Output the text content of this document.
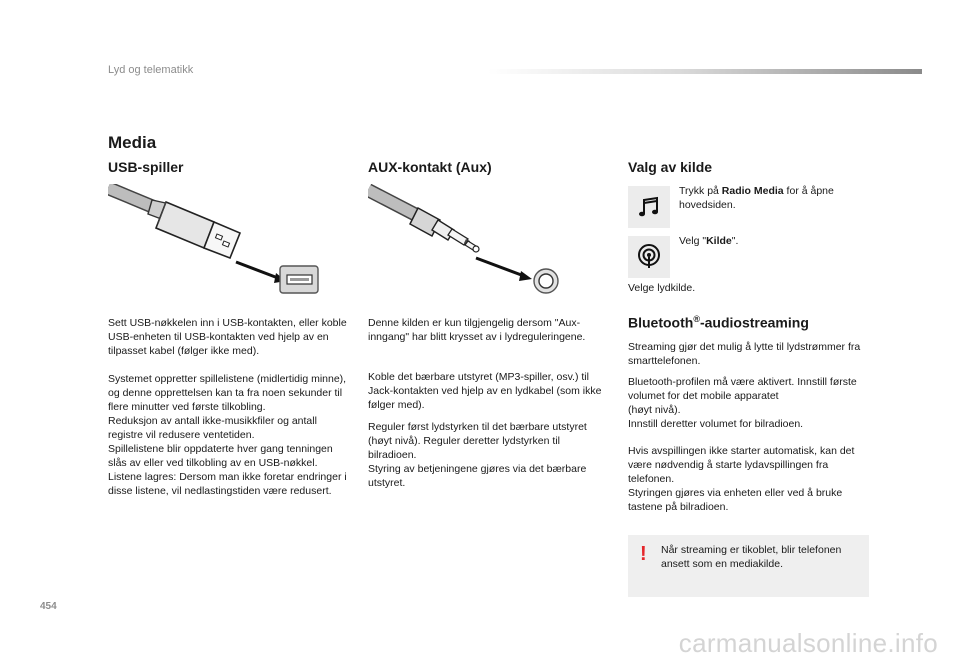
Lyd og telematikk
Media
USB-spiller
Sett USB-nøkkelen inn i USB-kontakten, eller koble USB-enheten til USB-kontakten ved hjelp av en tilpasset kabel (følger ikke med).
Systemet oppretter spillelistene (midlertidig minne), og denne opprettelsen kan ta fra noen sekunder til flere minutter ved første tilkobling.
Reduksjon av antall ikke-musikkfiler og antall registre vil redusere ventetiden.
Spillelistene blir oppdaterte hver gang tenningen slås av eller ved tilkobling av en USB-nøkkel. Listene lagres: Dersom man ikke foretar endringer i disse listene, vil nedlastingstiden være redusert.
AUX-kontakt (Aux)
Denne kilden er kun tilgjengelig dersom "Aux-inngang" har blitt krysset av i lydreguleringene.
Koble det bærbare utstyret (MP3-spiller, osv.) til Jack-kontakten ved hjelp av en lydkabel (som ikke følger med).
Reguler først lydstyrken til det bærbare utstyret (høyt nivå). Reguler deretter lydstyrken til bilradioen.
Styring av betjeningene gjøres via det bærbare utstyret.
Valg av kilde
Trykk på Radio Media for å åpne hovedsiden.
Velg "Kilde".
Velge lydkilde.
Bluetooth®-audiostreaming
Streaming gjør det mulig å lytte til lydstrømmer fra smarttelefonen.
Bluetooth-profilen må være aktivert. Innstill første volumet for det mobile apparatet
(høyt nivå).
Innstill deretter volumet for bilradioen.
Hvis avspillingen ikke starter automatisk, kan det være nødvendig å starte lydavspillingen fra telefonen.
Styringen gjøres via enheten eller ved å bruke tastene på bilradioen.
! Når streaming er tikoblet, blir telefonen ansett som en mediakilde.
454
carmanualsonline.info
